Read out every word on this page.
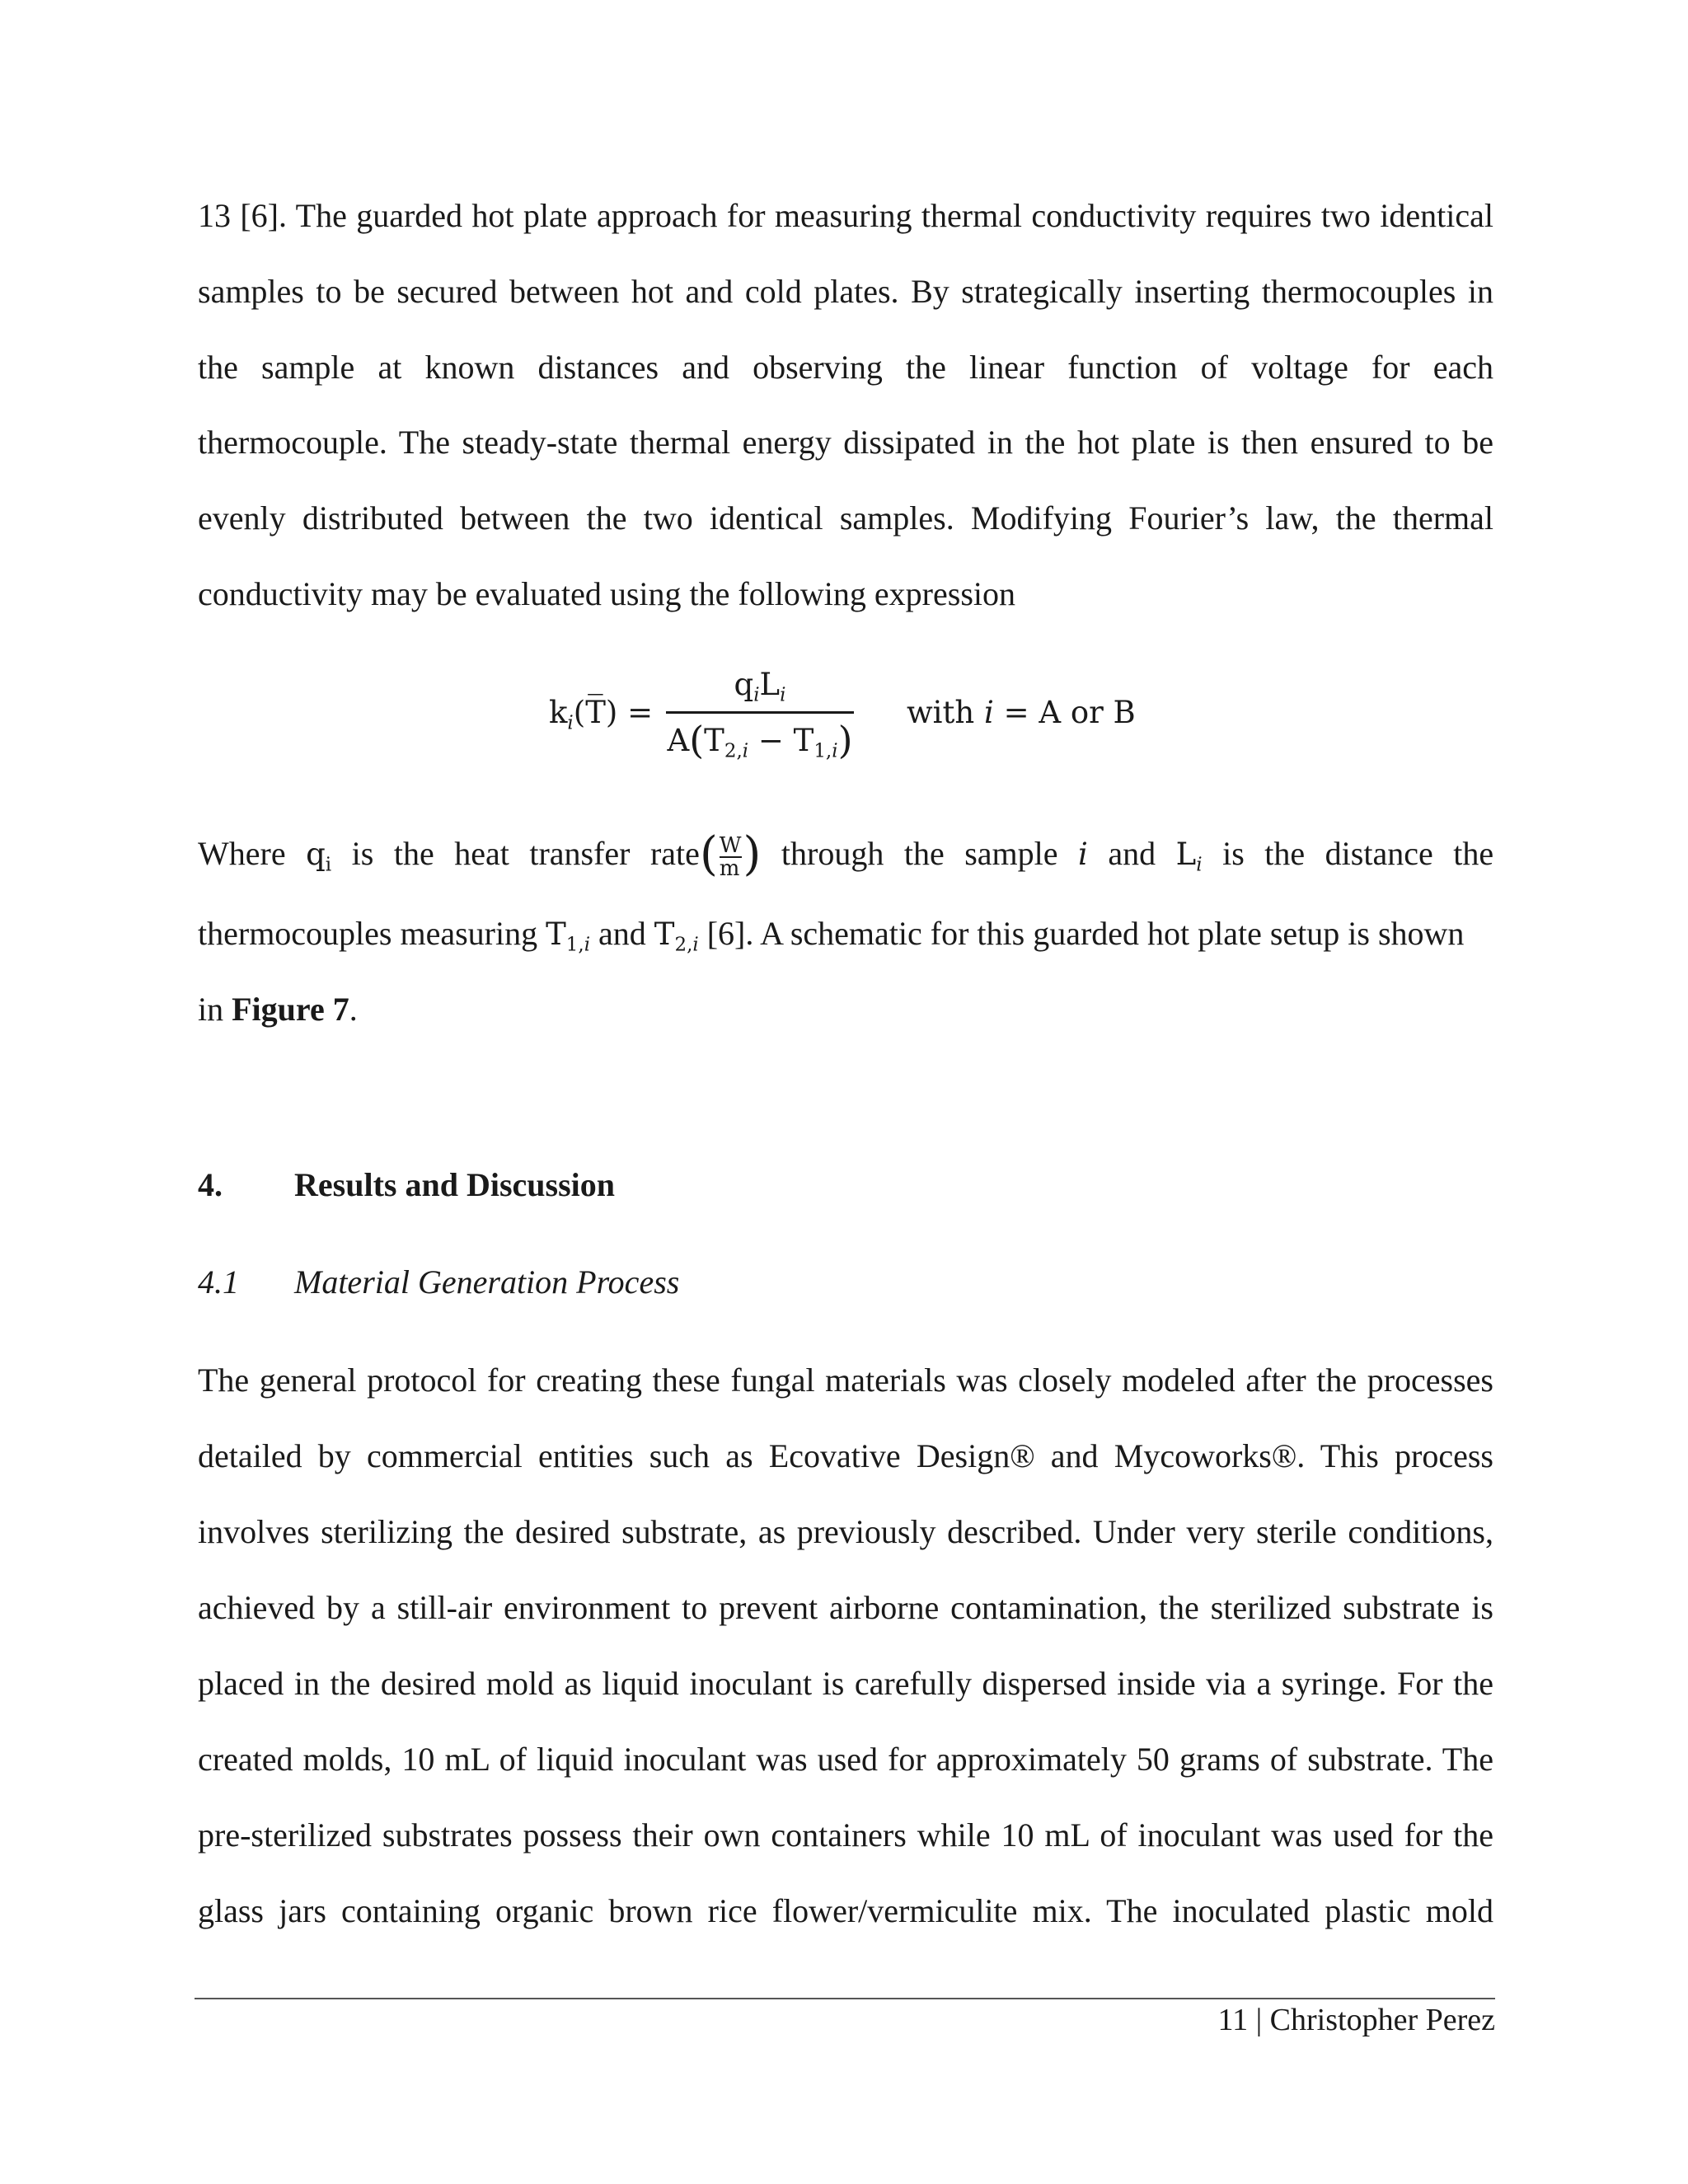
13 [6]. The guarded hot plate approach for measuring thermal conductivity requires two identical
samples to be secured between hot and cold plates. By strategically inserting thermocouples in
the sample at known distances and observing the linear function of voltage for each
thermocouple. The steady-state thermal energy dissipated in the hot plate is then ensured to be
evenly distributed between the two identical samples. Modifying Fourier’s law, the thermal
conductivity may be evaluated using the following expression
$k_i(T̅)$ =
$q_iL_i$
$A(T_{2,i} - T_{1,i})$
with i = A or B
Where $q_i$ is the heat transfer $rate(\frac{W}{m})$ through the sample i and $L_i$ is the distance the
thermocouples measuring $T_{1,i}$ and $T_{2,i}$ [6]. A schematic for this guarded hot plate setup is shown
in Figure 7.
4. Results and Discussion
4.1 Material Generation Process
The general protocol for creating these fungal materials was closely modeled after the processes
detailed by commercial entities such as Ecovative Design® and Mycoworks®. This process
involves sterilizing the desired substrate, as previously described. Under very sterile conditions,
achieved by a still-air environment to prevent airborne contamination, the sterilized substrate is
placed in the desired mold as liquid inoculant is carefully dispersed inside via a syringe. For the
created molds, 10 mL of liquid inoculant was used for approximately 50 grams of substrate. The
pre-sterilized substrates possess their own containers while 10 mL of inoculant was used for the
glass jars containing organic brown rice flower/vermiculite mix. The inoculated plastic mold
11 | Christopher Perez
